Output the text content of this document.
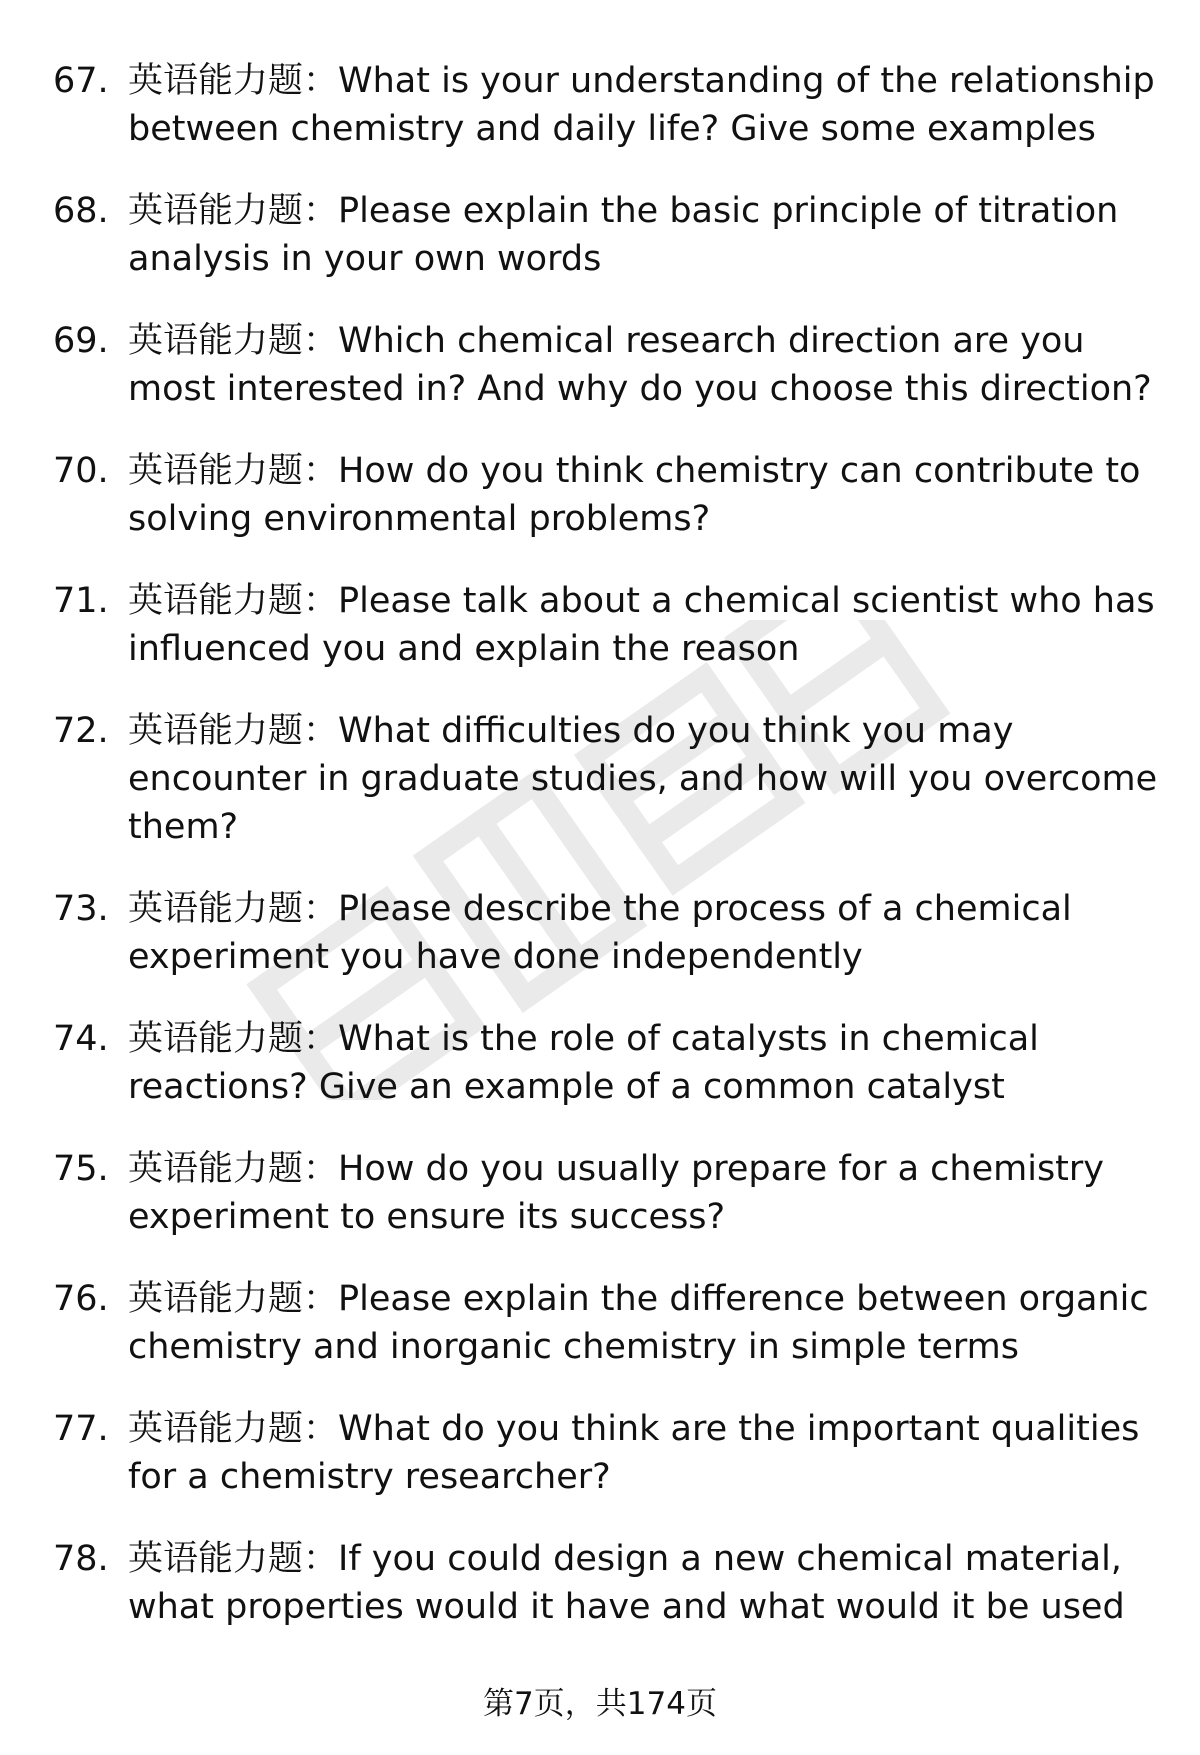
67. 英语能力题：What is your understanding of the relationship between chemistry and daily life? Give some examples
68. 英语能力题：Please explain the basic principle of titration analysis in your own words
69. 英语能力题：Which chemical research direction are you most interested in? And why do you choose this direction?
70. 英语能力题：How do you think chemistry can contribute to solving environmental problems?
71. 英语能力题：Please talk about a chemical scientist who has influenced you and explain the reason
72. 英语能力题：What difficulties do you think you may encounter in graduate studies, and how will you overcome them?
73. 英语能力题：Please describe the process of a chemical experiment you have done independently
74. 英语能力题：What is the role of catalysts in chemical reactions? Give an example of a common catalyst
75. 英语能力题：How do you usually prepare for a chemistry experiment to ensure its success?
76. 英语能力题：Please explain the difference between organic chemistry and inorganic chemistry in simple terms
77. 英语能力题：What do you think are the important qualities for a chemistry researcher?
78. 英语能力题：If you could design a new chemical material, what properties would it have and what would it be used
第7页，共174页
